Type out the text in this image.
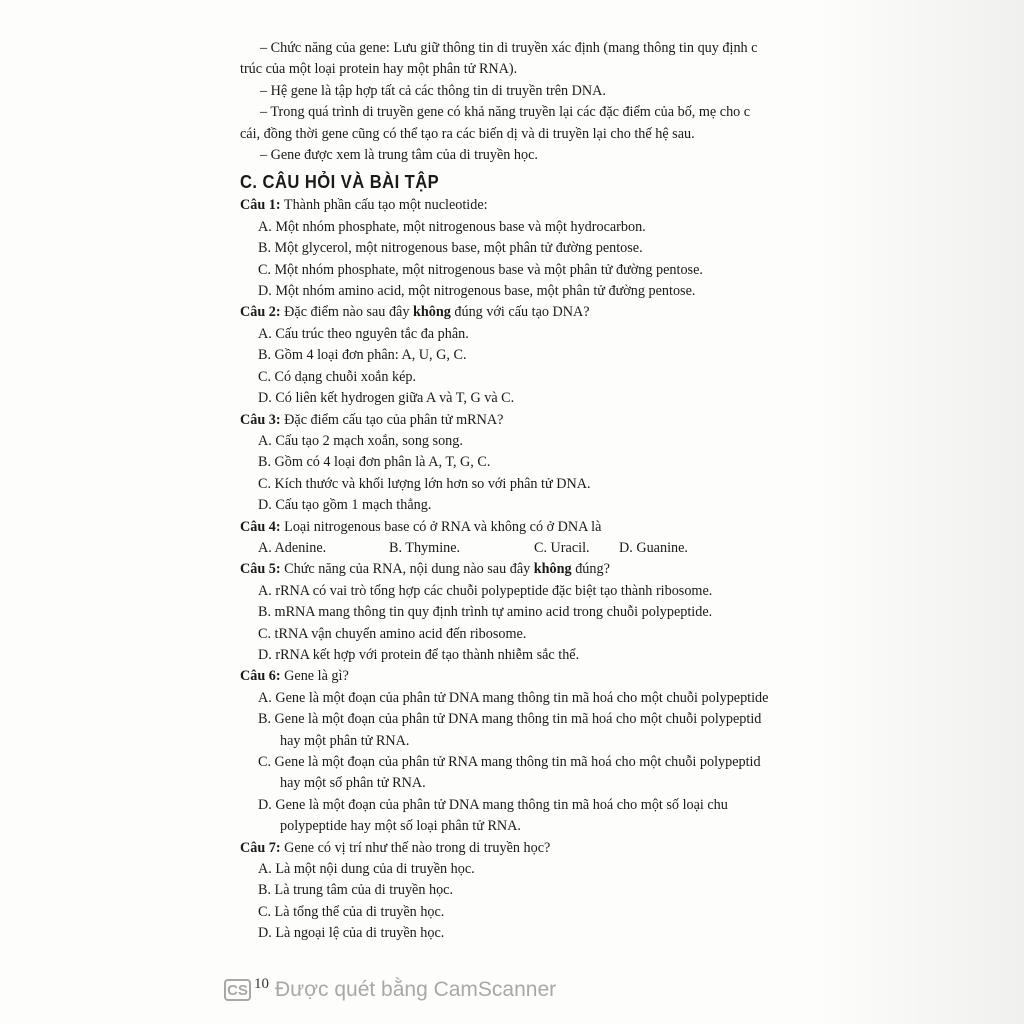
– Chức năng của gene: Lưu giữ thông tin di truyền xác định (mang thông tin quy định c

trúc của một loại protein hay một phân tử RNA).

– Hệ gene là tập hợp tất cả các thông tin di truyền trên DNA.

– Trong quá trình di truyền gene có khả năng truyền lại các đặc điểm của bố, mẹ cho c

cái, đồng thời gene cũng có thể tạo ra các biến dị và di truyền lại cho thế hệ sau.

– Gene được xem là trung tâm của di truyền học.

C. CÂU HỎI VÀ BÀI TẬP

Câu 1: Thành phần cấu tạo một nucleotide:

A. Một nhóm phosphate, một nitrogenous base và một hydrocarbon.

B. Một glycerol, một nitrogenous base, một phân tử đường pentose.

C. Một nhóm phosphate, một nitrogenous base và một phân tử đường pentose.

D. Một nhóm amino acid, một nitrogenous base, một phân tử đường pentose.

Câu 2: Đặc điểm nào sau đây không đúng với cấu tạo DNA?

A. Cấu trúc theo nguyên tắc đa phân.

B. Gồm 4 loại đơn phân: A, U, G, C.

C. Có dạng chuỗi xoắn kép.

D. Có liên kết hydrogen giữa A và T, G và C.

Câu 3: Đặc điểm cấu tạo của phân tử mRNA?

A. Cấu tạo 2 mạch xoắn, song song.

B. Gồm có 4 loại đơn phân là A, T, G, C.

C. Kích thước và khối lượng lớn hơn so với phân tử DNA.

D. Cấu tạo gồm 1 mạch thẳng.

Câu 4: Loại nitrogenous base có ở RNA và không có ở DNA là

A. Adenine.	B. Thymine.	C. Uracil.	D. Guanine.

Câu 5: Chức năng của RNA, nội dung nào sau đây không đúng?

A. rRNA có vai trò tổng hợp các chuỗi polypeptide đặc biệt tạo thành ribosome.

B. mRNA mang thông tin quy định trình tự amino acid trong chuỗi polypeptide.

C. tRNA vận chuyển amino acid đến ribosome.

D. rRNA kết hợp với protein để tạo thành nhiễm sắc thể.

Câu 6: Gene là gì?

A. Gene là một đoạn của phân tử DNA mang thông tin mã hoá cho một chuỗi polypeptide

B. Gene là một đoạn của phân tử DNA mang thông tin mã hoá cho một chuỗi polypeptid

hay một phân tử RNA.

C. Gene là một đoạn của phân tử RNA mang thông tin mã hoá cho một chuỗi polypeptid

hay một số phân tử RNA.

D. Gene là một đoạn của phân tử DNA mang thông tin mã hoá cho một số loại chu

polypeptide hay một số loại phân tử RNA.

Câu 7: Gene có vị trí như thế nào trong di truyền học?

A. Là một nội dung của di truyền học.

B. Là trung tâm của di truyền học.

C. Là tổng thể của di truyền học.

D. Là ngoại lệ của di truyền học.

CS 10 Được quét bằng CamScanner
